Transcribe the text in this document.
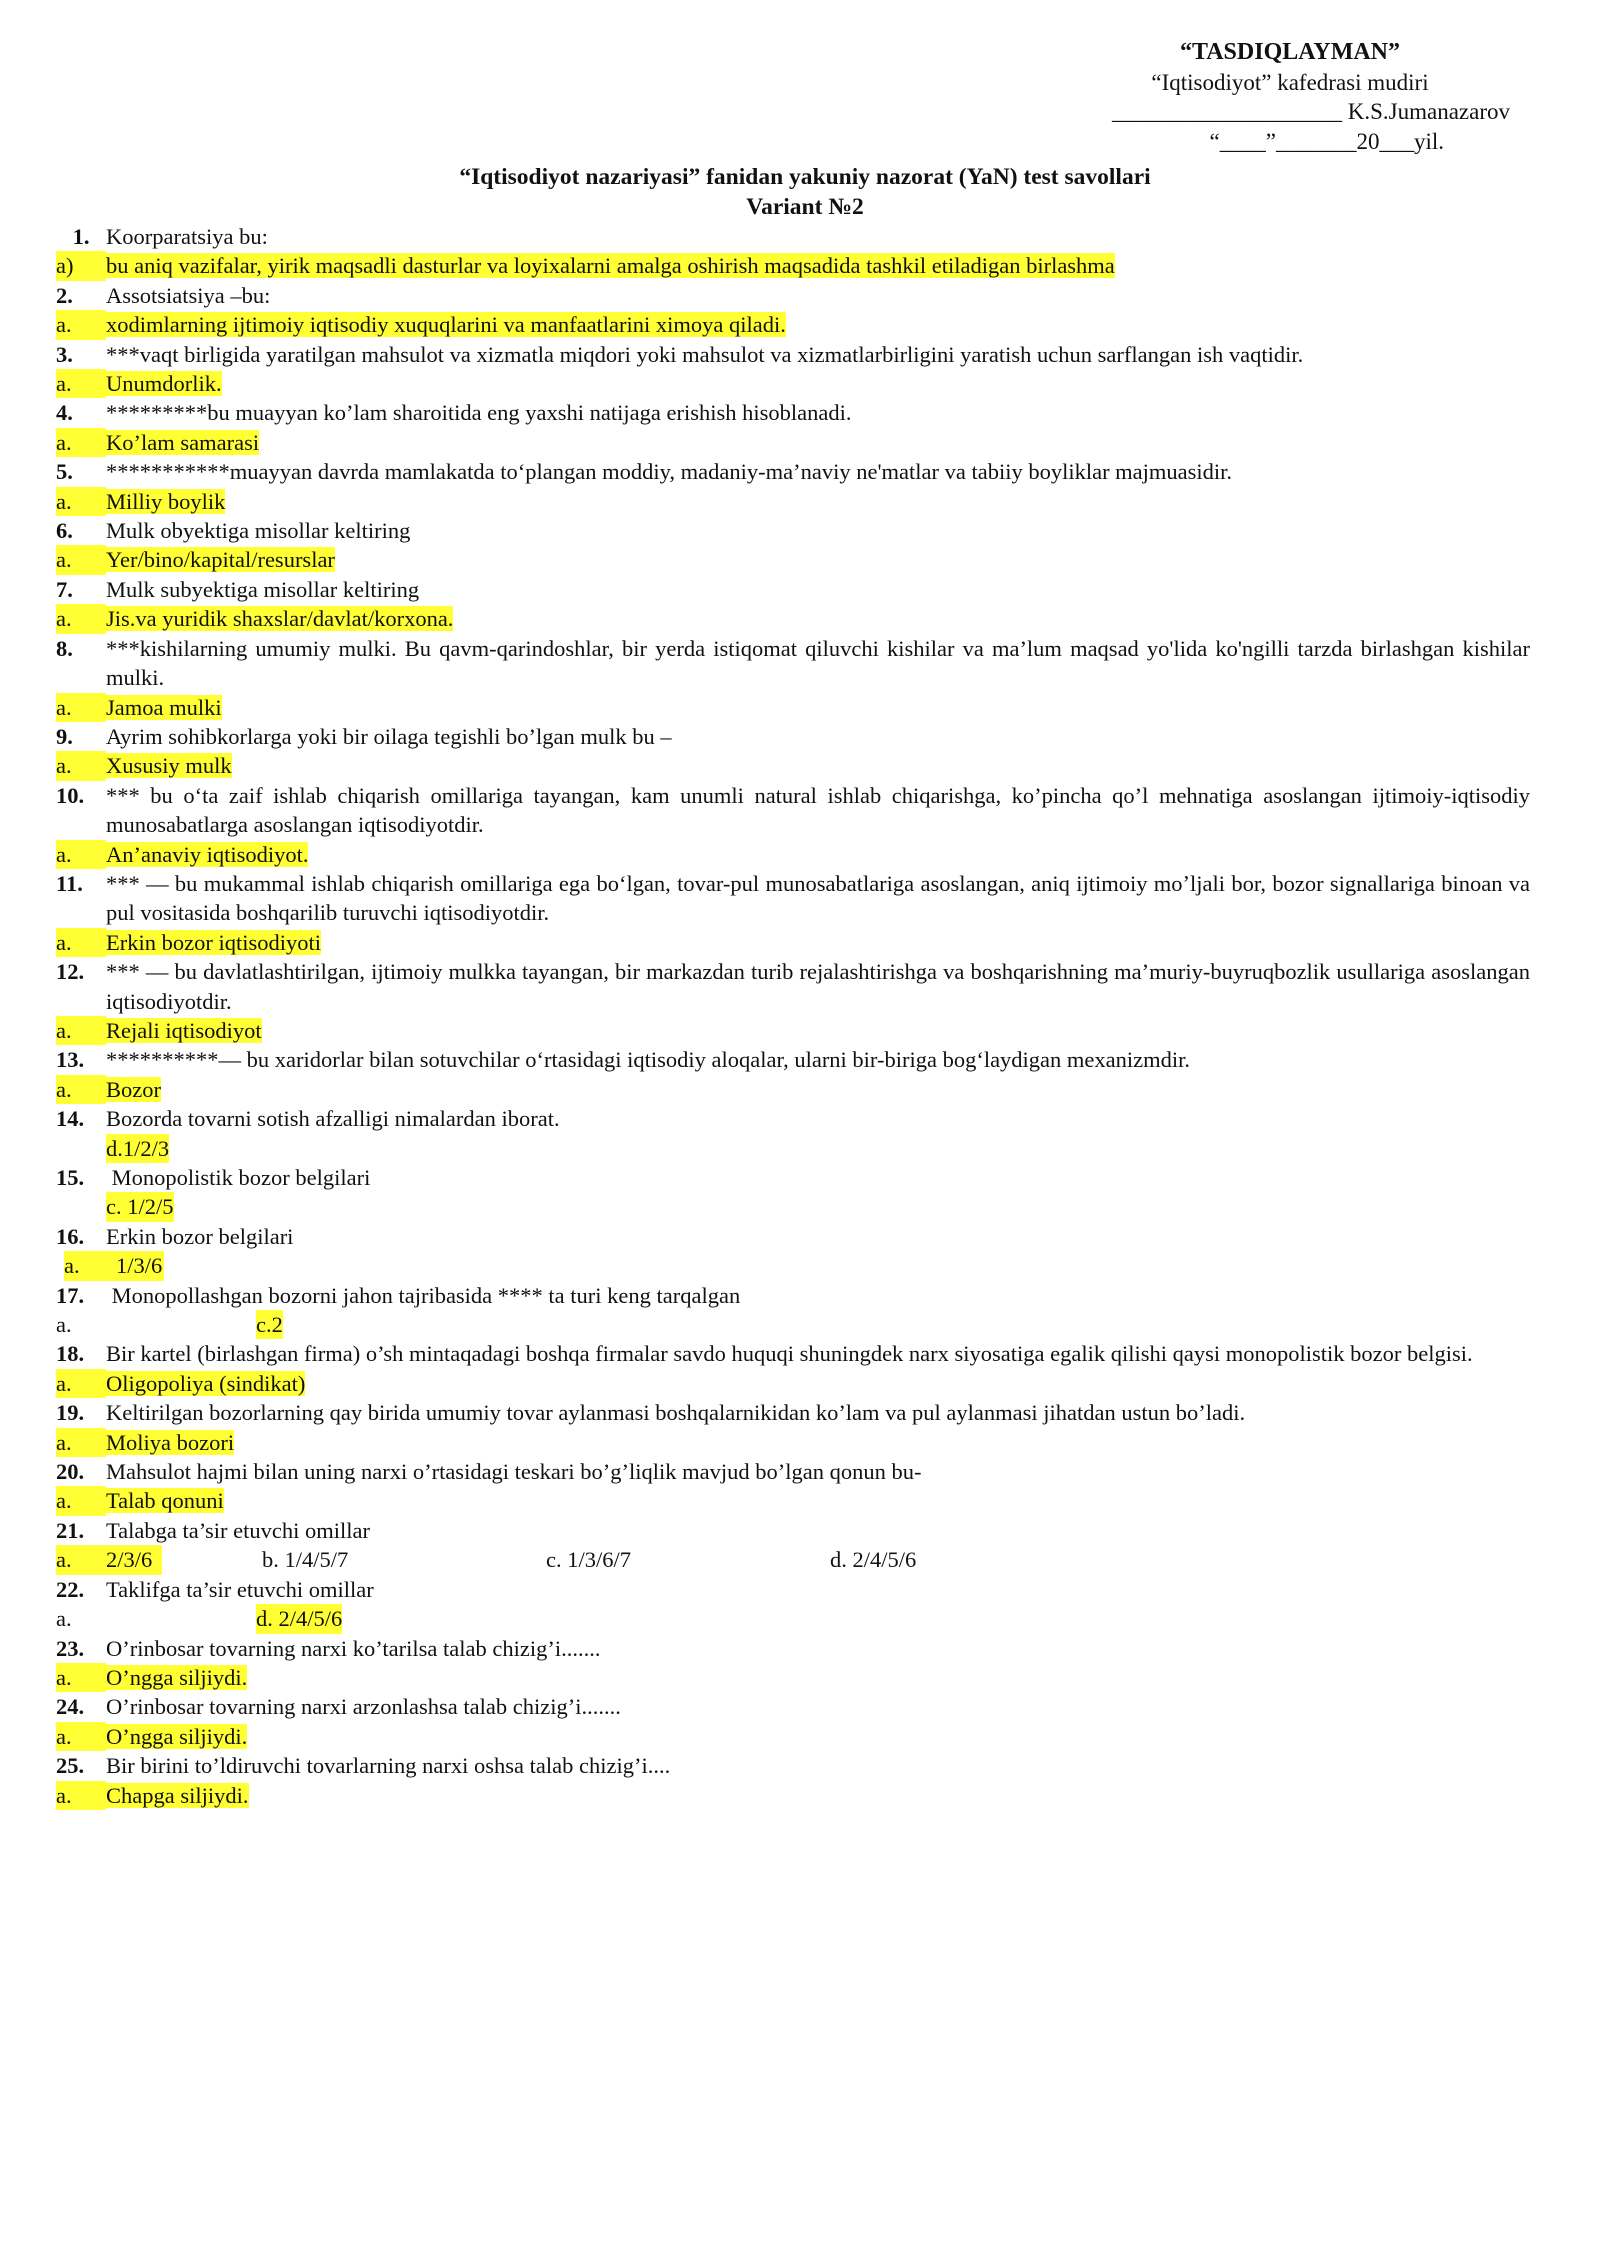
“TASDIQLAYMAN”
“Iqtisodiyot” kafedrasi mudiri
____________________ K.S.Jumanazarov
“____”_______20___yil.
“Iqtisodiyot nazariyasi” fanidan yakuniy nazorat (YaN) test savollari
Variant №2
1. Koorparatsiya bu:
a)	bu aniq vazifalar, yirik maqsadli dasturlar va loyixalarni amalga oshirish maqsadida tashkil etiladigan birlashma
2.	Assotsiatsiya –bu:
a.	xodimlarning ijtimoiy iqtisodiy xuquqlarini va manfaatlarini ximoya qiladi.
3.	***vaqt birligida yaratilgan mahsulot va xizmatla miqdori yoki mahsulot va xizmatlarbirligini yaratish uchun sarflangan ish vaqtidir.
a.	Unumdorlik.
4.	*********bu muayyan ko’lam sharoitida eng yaxshi natijaga erishish hisoblanadi.
a.	Ko’lam samarasi
5.	***********muayyan davrda mamlakatda toʻplangan moddiy, madaniy-ma’naviy ne'matlar va tabiiy boyliklar majmuasidir.
a.	Milliy boylik
6.	Mulk obyektiga misollar keltiring
a.	Yer/bino/kapital/resurslar
7.	Mulk subyektiga misollar keltiring
a.	Jis.va yuridik shaxslar/davlat/korxona.
8.	***kishilarning umumiy mulki. Bu qavm-qarindoshlar, bir yerda istiqomat qiluvchi kishilar va ma’lum maqsad yo'lida ko'ngilli tarzda birlashgan kishilar mulki.
a.	Jamoa mulki
9.	Ayrim sohibkorlarga yoki bir oilaga tegishli bo’lgan mulk bu –
a.	Xususiy mulk
10. *** bu oʻta zaif ishlab chiqarish omillariga tayangan, kam unumli natural ishlab chiqarishga, ko’pincha qo’l mehnatiga asoslangan ijtimoiy-iqtisodiy munosabatlarga asoslangan iqtisodiyotdir.
a.	An’anaviy iqtisodiyot.
11.	*** — bu mukammal ishlab chiqarish omillariga ega boʻlgan, tovar-pul munosabatlariga asoslangan, aniq ijtimoiy moʼljali bor, bozor signallariga binoan va pul vositasida boshqarilib turuvchi iqtisodiyotdir.
a.	Erkin bozor iqtisodiyoti
12. *** — bu davlatlashtirilgan, ijtimoiy mulkka tayangan, bir markazdan turib rejalashtirishga va boshqarishning ma’muriy-buyruqbozlik usullariga asoslangan iqtisodiyotdir.
a.	Rejali iqtisodiyot
13. **********— bu xaridorlar bilan sotuvchilar oʻrtasidagi iqtisodiy aloqalar, ularni bir-biriga bogʻlaydigan mexanizmdir.
a.	Bozor
14. Bozorda tovarni sotish afzalligi nimalardan iborat.
d.1/2/3
15. Monopolistik bozor belgilari
c. 1/2/5
16. Erkin bozor belgilari
a.	1/3/6
17. Monopollashgan bozorni jahon tajribasida **** ta turi keng tarqalgan
a.	c.2
18. Bir kartel (birlashgan firma) o’sh mintaqadagi boshqa firmalar savdo huquqi shuningdek narx siyosatiga egalik qilishi qaysi monopolistik bozor belgisi.
a.	Oligopoliya (sindikat)
19. Keltirilgan bozorlarning qay birida umumiy tovar aylanmasi boshqalarnikidan ko’lam va pul aylanmasi jihatdan ustun bo’ladi.
a.	Moliya bozori
20. Mahsulot hajmi bilan uning narxi o’rtasidagi teskari bo’g’liqlik mavjud bo’lgan qonun bu-
a.	Talab qonuni
21. Talabga ta’sir etuvchi omillar
a.	2/3/6	b. 1/4/5/7	c. 1/3/6/7	d. 2/4/5/6
22. Taklifga ta’sir etuvchi omillar
a.	d. 2/4/5/6
23. O’rinbosar tovarning narxi ko’tarilsa talab chizig’i.......
a.	O’ngga siljiydi.
24. O’rinbosar tovarning narxi arzonlashsa talab chizig’i.......
a.	O’ngga siljiydi.
25. Bir birini to’ldiruvchi tovarlarning narxi oshsa talab chizig’i....
a.	Chapga siljiydi.
